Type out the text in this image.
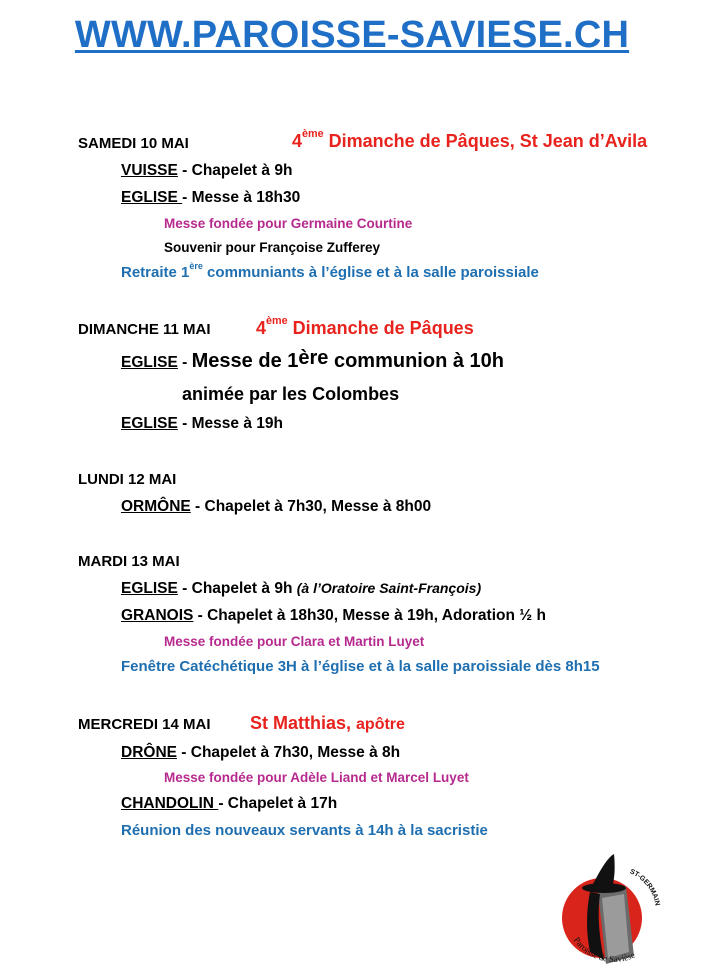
WWW.PAROISSE-SAVIESE.CH
SAMEDI 10 MAI	4ème Dimanche de Pâques, St Jean d’Avila
VUISSE - Chapelet à 9h
EGLISE - Messe à 18h30
Messe fondée pour Germaine Courtine
Souvenir pour Françoise Zufferey
Retraite 1ère communiants à l’église et à la salle paroissiale
DIMANCHE 11 MAI	4ème Dimanche de Pâques
EGLISE - Messe de 1ère communion à 10h
animée par les Colombes
EGLISE - Messe à 19h
LUNDI 12 MAI
ORMÔNE - Chapelet à 7h30, Messe à 8h00
MARDI 13 MAI
EGLISE - Chapelet à 9h (à l’Oratoire Saint-François)
GRANOIS - Chapelet à 18h30, Messe à 19h, Adoration ½ h
Messe fondée pour Clara et Martin Luyet
Fenêtre Catéchétique 3H à l’église et à la salle paroissiale dès 8h15
MERCREDI 14 MAI St Matthias, apôtre
DRÔNE - Chapelet à 7h30, Messe à 8h
Messe fondée pour Adèle Liand et Marcel Luyet
CHANDOLIN - Chapelet à 17h
Réunion des nouveaux servants à 14h à la sacristie
ST-GERMAIN
Paroisse de Savièse
